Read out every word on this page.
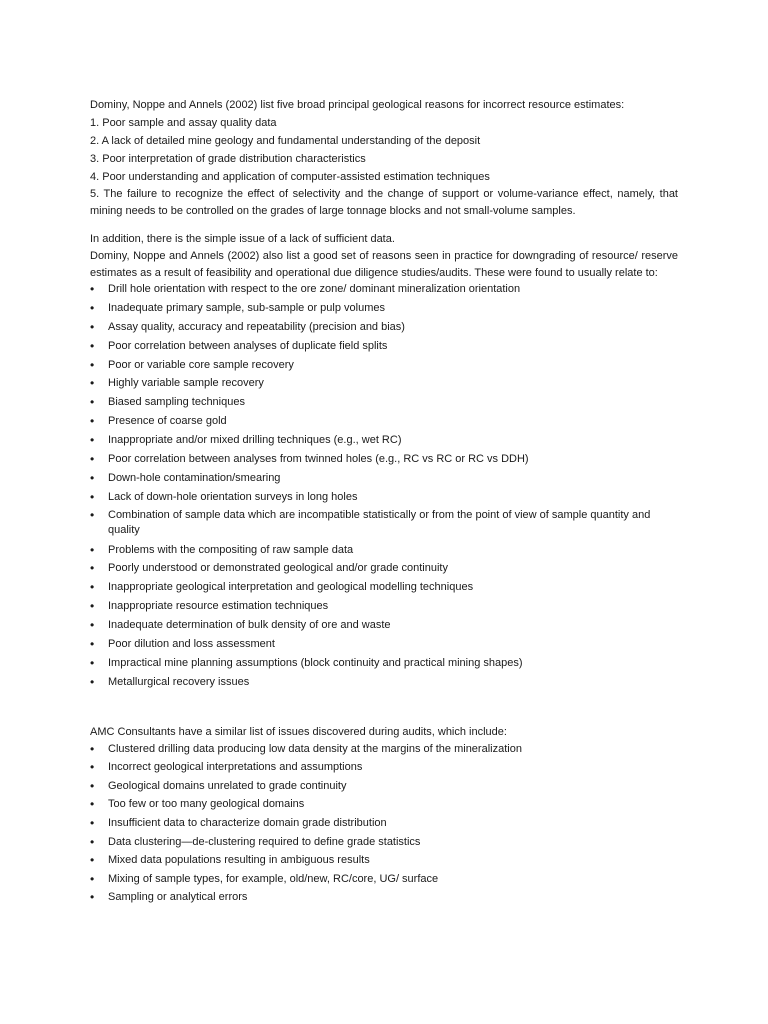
Dominy, Noppe and Annels (2002) list five broad principal geological reasons for incorrect resource estimates:

1. Poor sample and assay quality data

2. A lack of detailed mine geology and fundamental understanding of the deposit

3. Poor interpretation of grade distribution characteristics

4. Poor understanding and application of computer-assisted estimation techniques

5. The failure to recognize the effect of selectivity and the change of support or volume-variance effect, namely, that mining needs to be controlled on the grades of large tonnage blocks and not small-volume samples.

In addition, there is the simple issue of a lack of sufficient data.

Dominy, Noppe and Annels (2002) also list a good set of reasons seen in practice for downgrading of resource/ reserve estimates as a result of feasibility and operational due diligence studies/audits. These were found to usually relate to:

•	Drill hole orientation with respect to the ore zone/ dominant mineralization orientation
•	Inadequate primary sample, sub-sample or pulp volumes
•	Assay quality, accuracy and repeatability (precision and bias)
•	Poor correlation between analyses of duplicate field splits
•	Poor or variable core sample recovery
•	Highly variable sample recovery
•	Biased sampling techniques
•	Presence of coarse gold
•	Inappropriate and/or mixed drilling techniques (e.g., wet RC)
•	Poor correlation between analyses from twinned holes (e.g., RC vs RC or RC vs DDH)
•	Down-hole contamination/smearing
•	Lack of down-hole orientation surveys in long holes
•	Combination of sample data which are incompatible statistically or from the point of view of sample quantity and quality
•	Problems with the compositing of raw sample data
•	Poorly understood or demonstrated geological and/or grade continuity
•	Inappropriate geological interpretation and geological modelling techniques
•	Inappropriate resource estimation techniques
•	Inadequate determination of bulk density of ore and waste
•	Poor dilution and loss assessment
•	Impractical mine planning assumptions (block continuity and practical mining shapes)
•	Metallurgical recovery issues

AMC Consultants have a similar list of issues discovered during audits, which include:

•	Clustered drilling data producing low data density at the margins of the mineralization
•	Incorrect geological interpretations and assumptions
•	Geological domains unrelated to grade continuity
•	Too few or too many geological domains
•	Insufficient data to characterize domain grade distribution
•	Data clustering—de-clustering required to define grade statistics
•	Mixed data populations resulting in ambiguous results
•	Mixing of sample types, for example, old/new, RC/core, UG/ surface
•	Sampling or analytical errors
